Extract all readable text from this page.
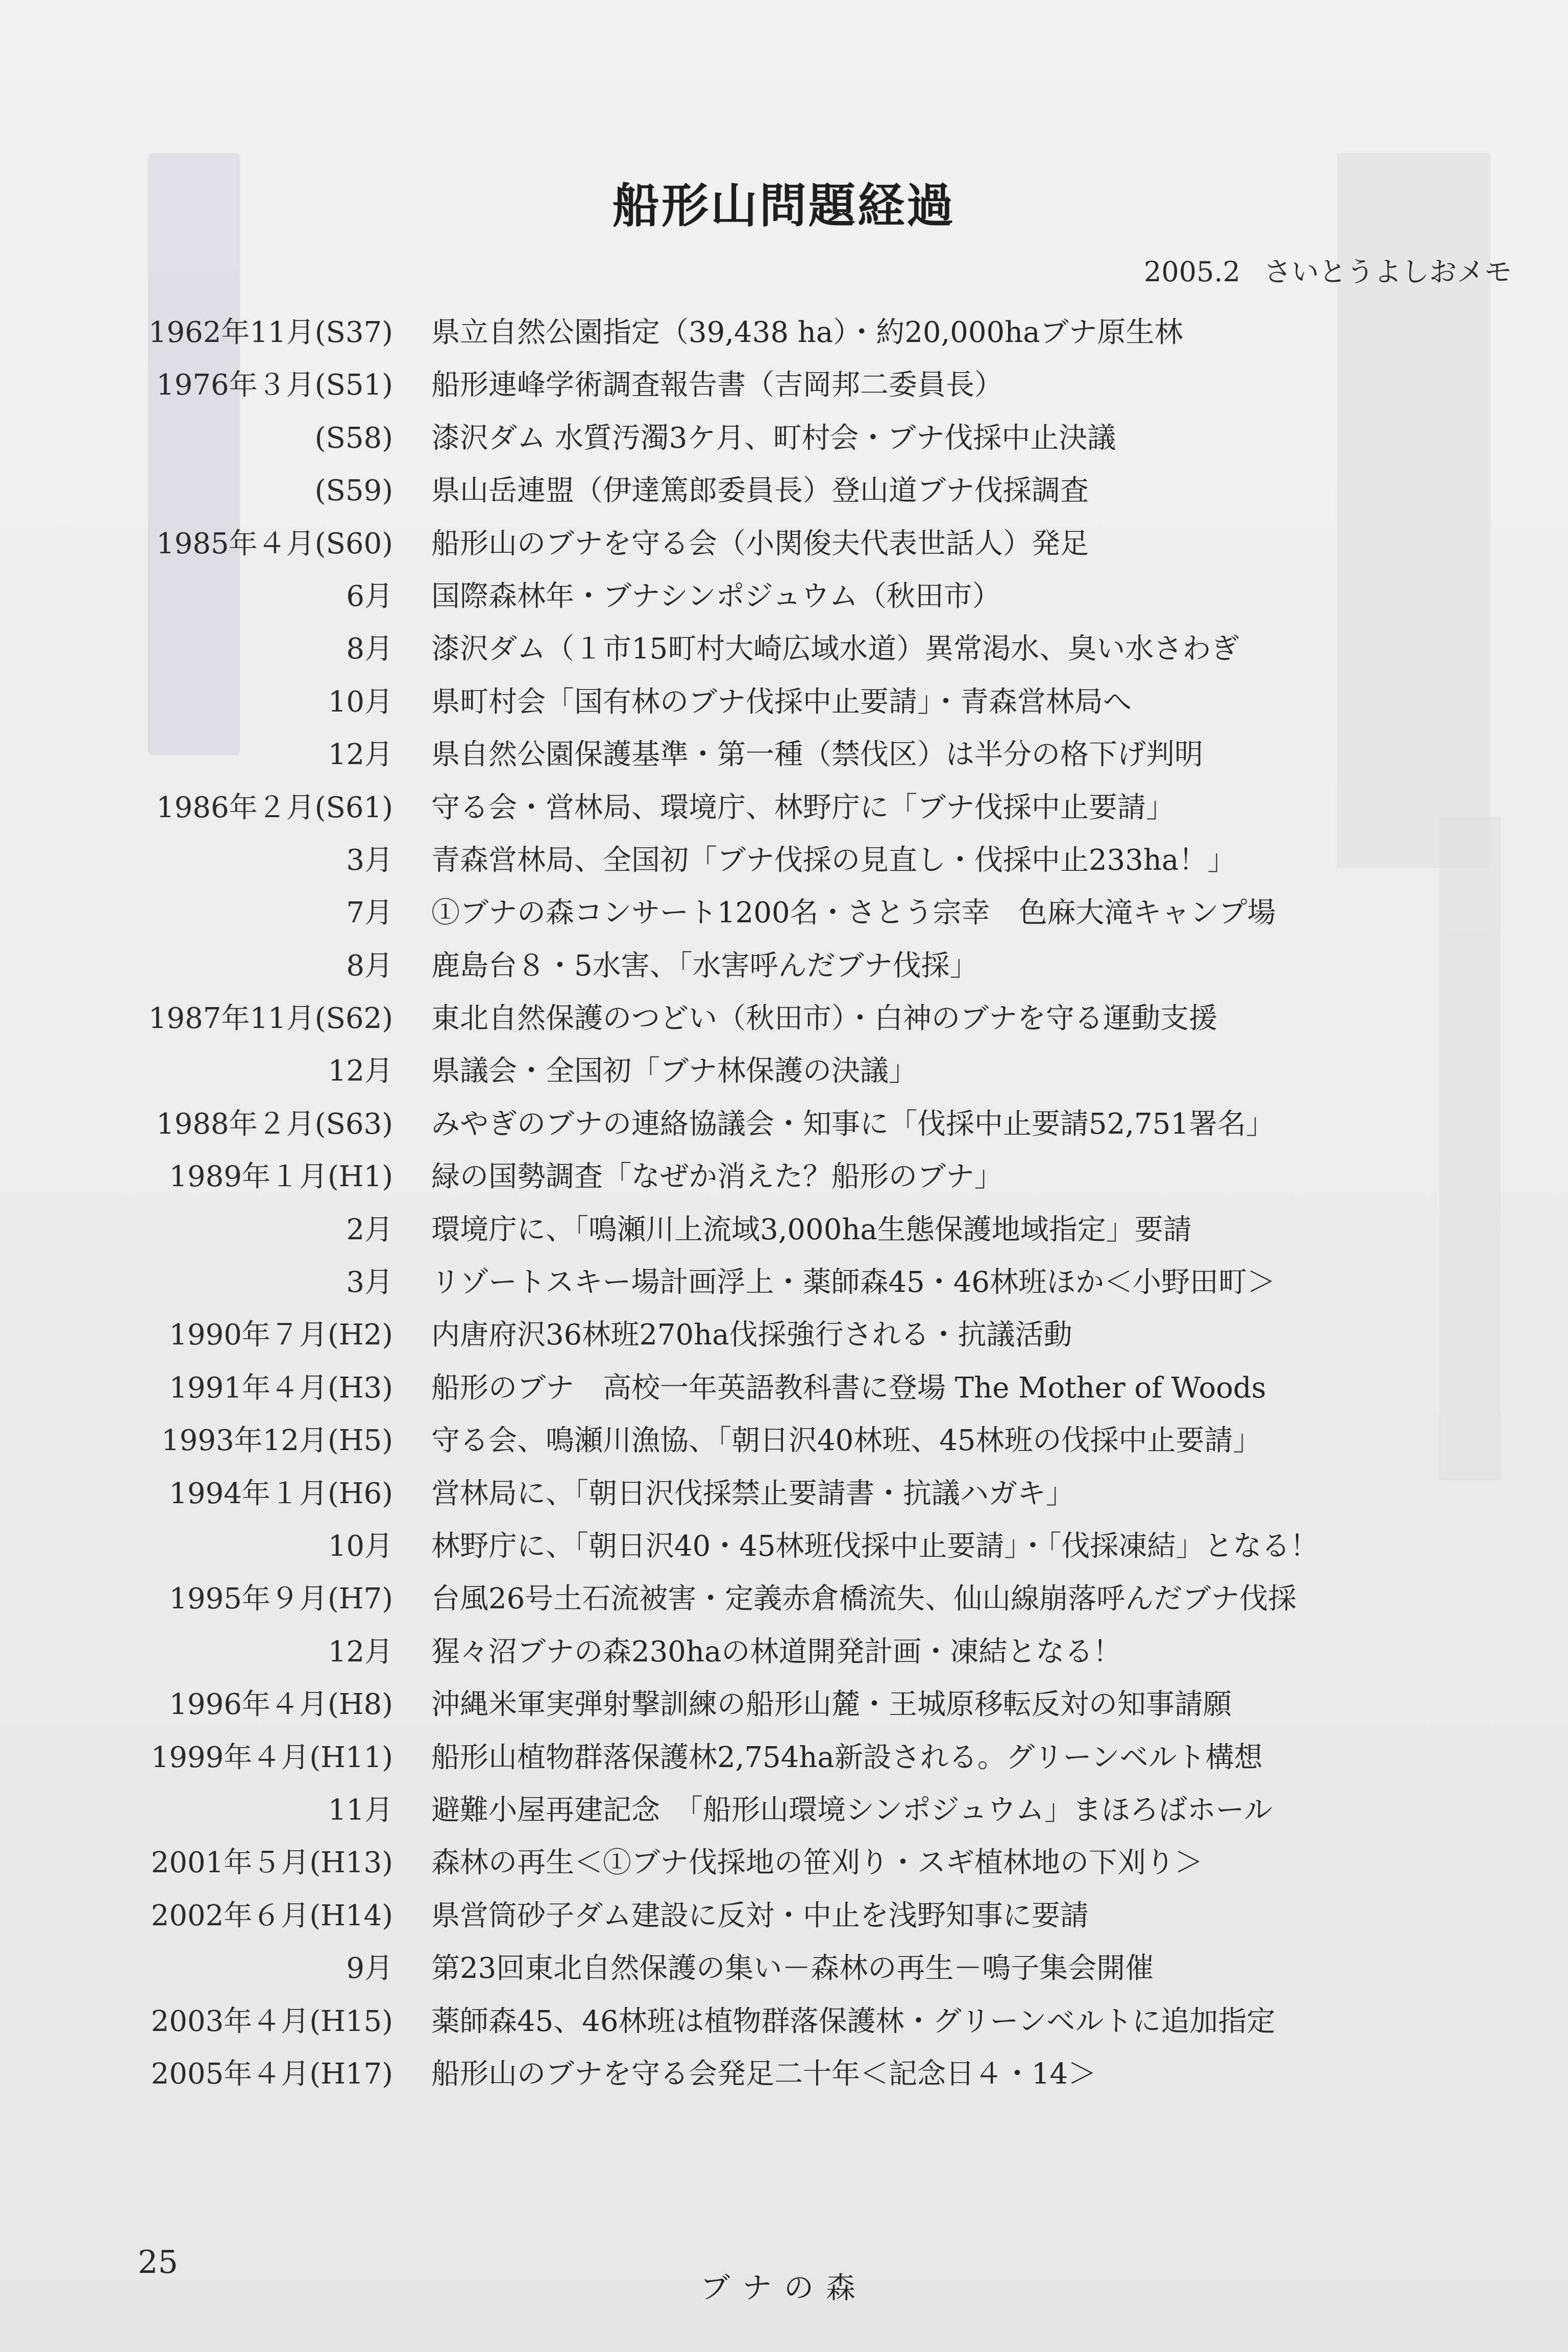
船形山問題経過
2005.2 さいとうよしおメモ
1962年11月(S37) 県立自然公園指定（39,438 ha）・約20,000haブナ原生林
1976年３月(S51) 船形連峰学術調査報告書（吉岡邦二委員長）
(S58) 漆沢ダム 水質汚濁3ケ月、町村会・ブナ伐採中止決議
(S59) 県山岳連盟（伊達篤郎委員長）登山道ブナ伐採調査
1985年４月(S60) 船形山のブナを守る会（小関俊夫代表世話人）発足
6月 国際森林年・ブナシンポジュウム（秋田市）
8月 漆沢ダム（１市15町村大崎広域水道）異常渇水、臭い水さわぎ
10月 県町村会「国有林のブナ伐採中止要請」・青森営林局へ
12月 県自然公園保護基準・第一種（禁伐区）は半分の格下げ判明
1986年２月(S61) 守る会・営林局、環境庁、林野庁に「ブナ伐採中止要請」
3月 青森営林局、全国初「ブナ伐採の見直し・伐採中止233ha！」
7月 ①ブナの森コンサート1200名・さとう宗幸　色麻大滝キャンプ場
8月 鹿島台８・5水害、「水害呼んだブナ伐採」
1987年11月(S62) 東北自然保護のつどい（秋田市）・白神のブナを守る運動支援
12月 県議会・全国初「ブナ林保護の決議」
1988年２月(S63) みやぎのブナの連絡協議会・知事に「伐採中止要請52,751署名」
1989年１月(H1) 緑の国勢調査「なぜか消えた？船形のブナ」
2月 環境庁に、「鳴瀬川上流域3,000ha生態保護地域指定」要請
3月 リゾートスキー場計画浮上・薬師森45・46林班ほか＜小野田町＞
1990年７月(H2) 内唐府沢36林班270ha伐採強行される・抗議活動
1991年４月(H3) 船形のブナ　高校一年英語教科書に登場 The Mother of Woods
1993年12月(H5) 守る会、鳴瀬川漁協、「朝日沢40林班、45林班の伐採中止要請」
1994年１月(H6) 営林局に、「朝日沢伐採禁止要請書・抗議ハガキ」
10月 林野庁に、「朝日沢40・45林班伐採中止要請」・「伐採凍結」となる！
1995年９月(H7) 台風26号土石流被害・定義赤倉橋流失、仙山線崩落呼んだブナ伐採
12月 猩々沼ブナの森230haの林道開発計画・凍結となる！
1996年４月(H8) 沖縄米軍実弾射撃訓練の船形山麓・王城原移転反対の知事請願
1999年４月(H11) 船形山植物群落保護林2,754ha新設される。グリーンベルト構想
11月 避難小屋再建記念　「船形山環境シンポジュウム」まほろばホール
2001年５月(H13) 森林の再生＜①ブナ伐採地の笹刈り・スギ植林地の下刈り＞
2002年６月(H14) 県営筒砂子ダム建設に反対・中止を浅野知事に要請
9月 第23回東北自然保護の集い－森林の再生－鳴子集会開催
2003年４月(H15) 薬師森45、46林班は植物群落保護林・グリーンベルトに追加指定
2005年４月(H17) 船形山のブナを守る会発足二十年＜記念日４・14＞
25
ブナの森
